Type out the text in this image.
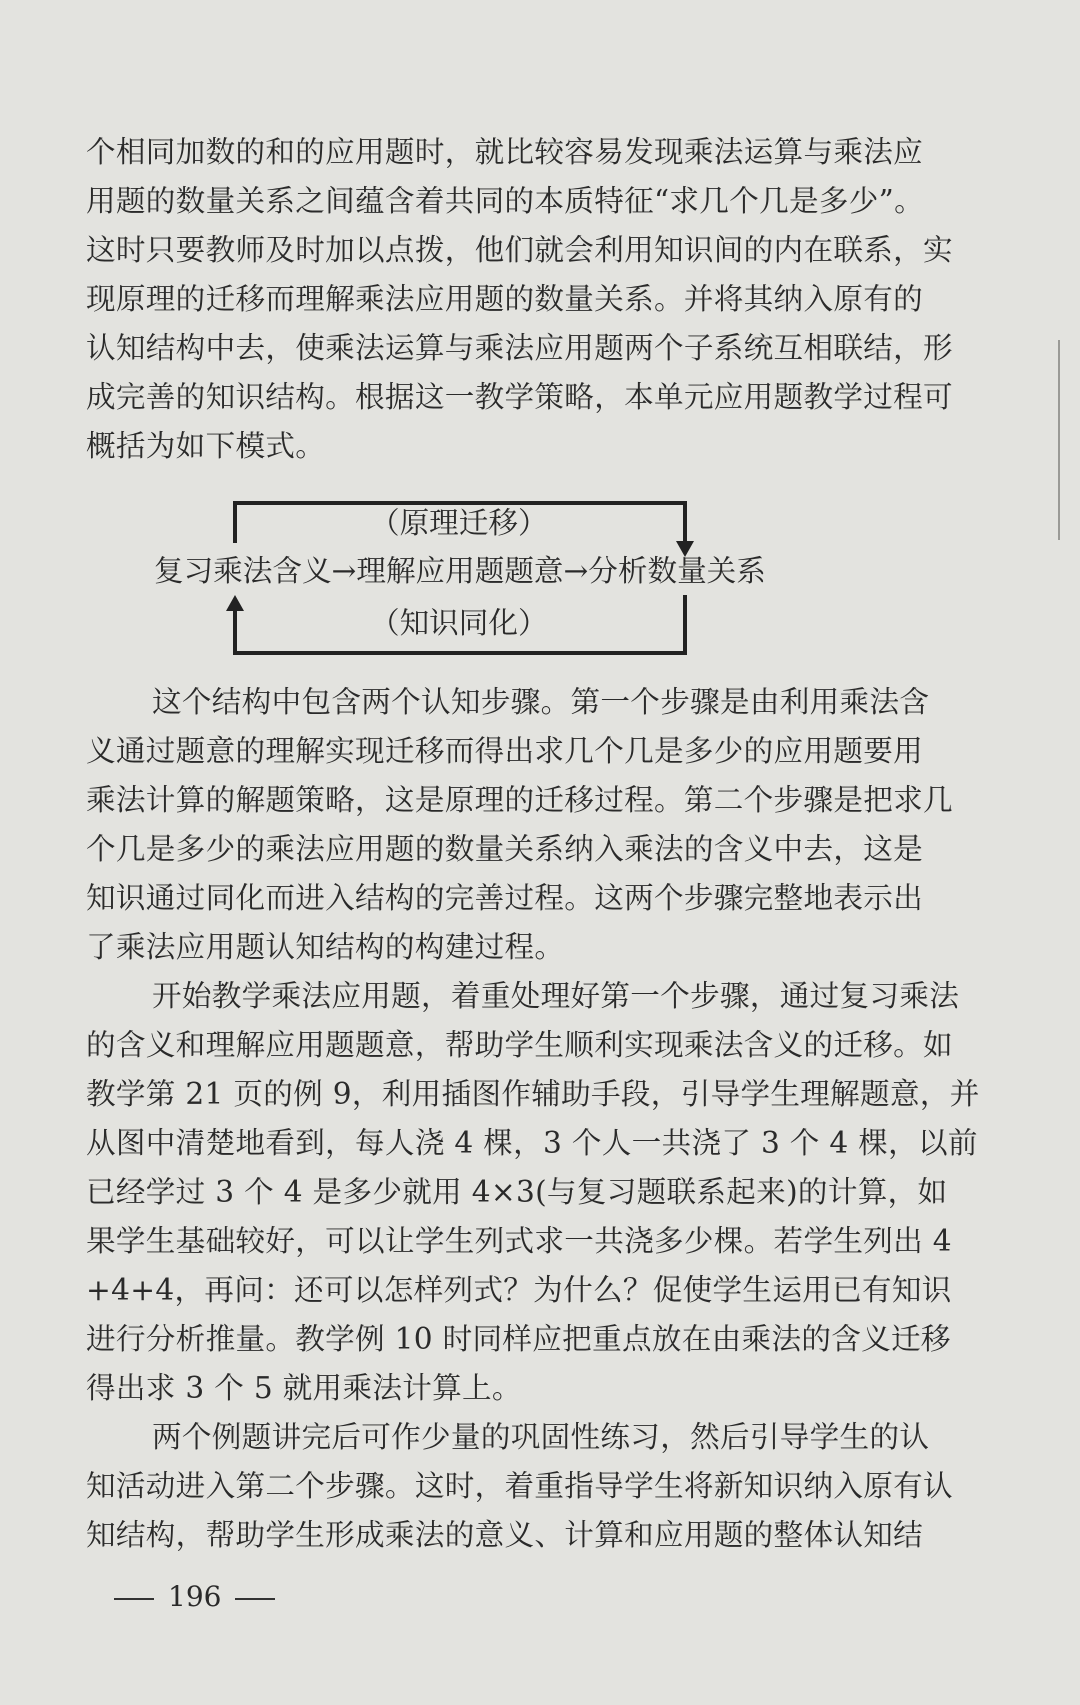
个相同加数的和的应用题时，就比较容易发现乘法运算与乘法应
用题的数量关系之间蕴含着共同的本质特征“求几个几是多少”。
这时只要教师及时加以点拨，他们就会利用知识间的内在联系，实
现原理的迁移而理解乘法应用题的数量关系。并将其纳入原有的
认知结构中去，使乘法运算与乘法应用题两个子系统互相联结，形
成完善的知识结构。根据这一教学策略，本单元应用题教学过程可
概括为如下模式。
（原理迁移）
复习乘法含义→理解应用题题意→分析数量关系
（知识同化）
这个结构中包含两个认知步骤。第一个步骤是由利用乘法含
义通过题意的理解实现迁移而得出求几个几是多少的应用题要用
乘法计算的解题策略，这是原理的迁移过程。第二个步骤是把求几
个几是多少的乘法应用题的数量关系纳入乘法的含义中去，这是
知识通过同化而进入结构的完善过程。这两个步骤完整地表示出
了乘法应用题认知结构的构建过程。
开始教学乘法应用题，着重处理好第一个步骤，通过复习乘法
的含义和理解应用题题意，帮助学生顺利实现乘法含义的迁移。如
教学第 21 页的例 9，利用插图作辅助手段，引导学生理解题意，并
从图中清楚地看到，每人浇 4 棵，3 个人一共浇了 3 个 4 棵，以前
已经学过 3 个 4 是多少就用 4×3(与复习题联系起来)的计算，如
果学生基础较好，可以让学生列式求一共浇多少棵。若学生列出 4
+4+4，再问：还可以怎样列式？为什么？促使学生运用已有知识
进行分析推量。教学例 10 时同样应把重点放在由乘法的含义迁移
得出求 3 个 5 就用乘法计算上。
两个例题讲完后可作少量的巩固性练习，然后引导学生的认
知活动进入第二个步骤。这时，着重指导学生将新知识纳入原有认
知结构，帮助学生形成乘法的意义、计算和应用题的整体认知结
196
